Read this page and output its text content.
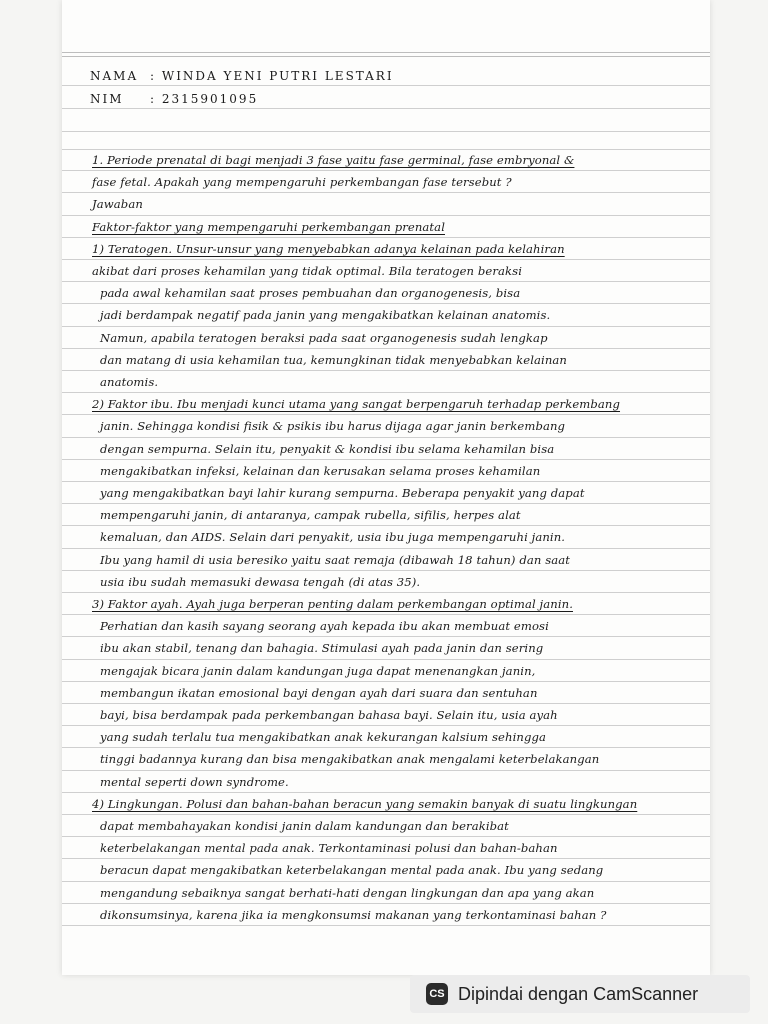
NAMA : WINDA YENI PUTRI LESTARI
NIM	: 2315901095
1. Periode prenatal di bagi menjadi 3 fase yaitu fase germinal, fase embryonal &
fase fetal. Apakah yang mempengaruhi perkembangan fase tersebut ?
Jawaban
Faktor-faktor yang mempengaruhi perkembangan prenatal
1) Teratogen. Unsur-unsur yang menyebabkan adanya kelainan pada kelahiran
akibat dari proses kehamilan yang tidak optimal. Bila teratogen beraksi
pada awal kehamilan saat proses pembuahan dan organogenesis, bisa
jadi berdampak negatif pada janin yang mengakibatkan kelainan anatomis.
Namun, apabila teratogen beraksi pada saat organogenesis sudah lengkap
dan matang di usia kehamilan tua, kemungkinan tidak menyebabkan kelainan
anatomis.
2) Faktor ibu. Ibu menjadi kunci utama yang sangat berpengaruh terhadap perkembang
janin. Sehingga kondisi fisik & psikis ibu harus dijaga agar janin berkembang
dengan sempurna. Selain itu, penyakit & kondisi ibu selama kehamilan bisa
mengakibatkan infeksi, kelainan dan kerusakan selama proses kehamilan
yang mengakibatkan bayi lahir kurang sempurna. Beberapa penyakit yang dapat
mempengaruhi janin, di antaranya, campak rubella, sifilis, herpes alat
kemaluan, dan AIDS. Selain dari penyakit, usia ibu juga mempengaruhi janin.
Ibu yang hamil di usia beresiko yaitu saat remaja (dibawah 18 tahun) dan saat
usia ibu sudah memasuki dewasa tengah (di atas 35).
3) Faktor ayah. Ayah juga berperan penting dalam perkembangan optimal janin.
Perhatian dan kasih sayang seorang ayah kepada ibu akan membuat emosi
ibu akan stabil, tenang dan bahagia. Stimulasi ayah pada janin dan sering
mengajak bicara janin dalam kandungan juga dapat menenangkan janin,
membangun ikatan emosional bayi dengan ayah dari suara dan sentuhan
bayi, bisa berdampak pada perkembangan bahasa bayi. Selain itu, usia ayah
yang sudah terlalu tua mengakibatkan anak kekurangan kalsium sehingga
tinggi badannya kurang dan bisa mengakibatkan anak mengalami keterbelakangan
mental seperti down syndrome.
4) Lingkungan. Polusi dan bahan-bahan beracun yang semakin banyak di suatu lingkungan
dapat membahayakan kondisi janin dalam kandungan dan berakibat
keterbelakangan mental pada anak. Terkontaminasi polusi dan bahan-bahan
beracun dapat mengakibatkan keterbelakangan mental pada anak. Ibu yang sedang
mengandung sebaiknya sangat berhati-hati dengan lingkungan dan apa yang akan
dikonsumsinya, karena jika ia mengkonsumsi makanan yang terkontaminasi bahan ?
CS Dipindai dengan CamScanner
